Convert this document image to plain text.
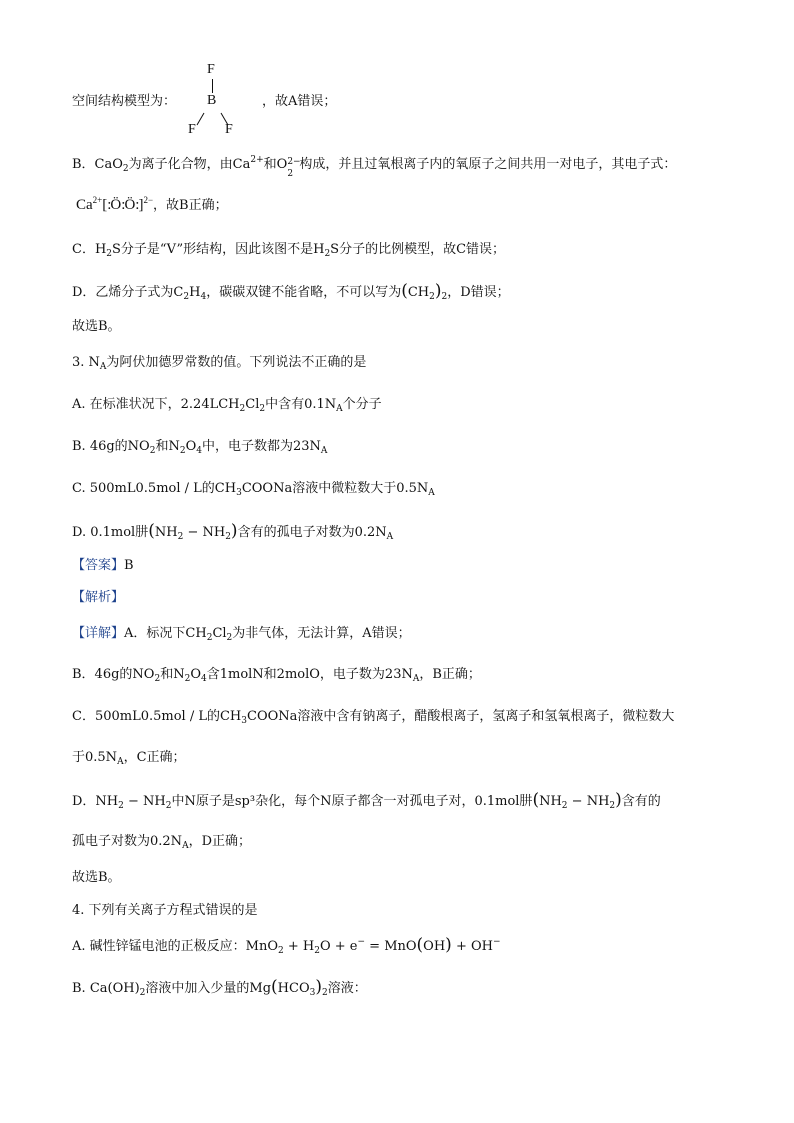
空间结构模型为：
F
B
F F
，故A错误；
B．CaO$_2$为离子化合物，由$Ca^{2+}$和O 2−
2
构成，并且过氧根离子内的氧原子之间共用一对电子，其电子式：
$Ca^{2+}[:Ö:Ö:]^{2-}$，故B正确；
C．$H_2S$分子是“V”形结构，因此该图不是$H_2S$分子的比例模型，故C错误；
D．乙烯分子式为$C_2H_4$，碳碳双键不能省略，不可以写为$(CH_2)_2$，D错误；
故选B。
3. $N_A$为阿伏加德罗常数的值。下列说法不正确的是
A. 在标准状况下，$2.24LCH_2Cl_2$中含有$0.1N_A$个分子
B. 46g的$NO_2$和$N_2O_4$中，电子数都为$23N_A$
C. 500mL0.5mol / L的$CH_3COONa$溶液中微粒数大于$0.5N_A$
D. 0.1mol肼$(NH_2 - NH_2)$含有的孤电子对数为$0.2N_A$
【答案】B
【解析】
【详解】A．标况下$CH_2Cl_2$为非气体，无法计算，A错误；
B．46g的$NO_2$和$N_2O_4$含1molN和2molO，电子数为$23N_A$，B正确；
C．500mL0.5mol / L的$CH_3COONa$溶液中含有钠离子，醋酸根离子，氢离子和氢氧根离子，微粒数大
于$0.5N_A$，C正确；
D．$NH_2 - NH_2$中N原子是sp³杂化，每个N原子都含一对孤电子对，0.1mol肼$(NH_2 - NH_2)$含有的
孤电子对数为$0.2N_A$，D正确；
故选B。
4. 下列有关离子方程式错误的是
A. 碱性锌锰电池的正极反应：$MnO_2 + H_2O + e^- = MnO(OH) + OH^-$
B. $Ca(OH)_2$溶液中加入少量的$Mg(HCO_3)_2$溶液：
